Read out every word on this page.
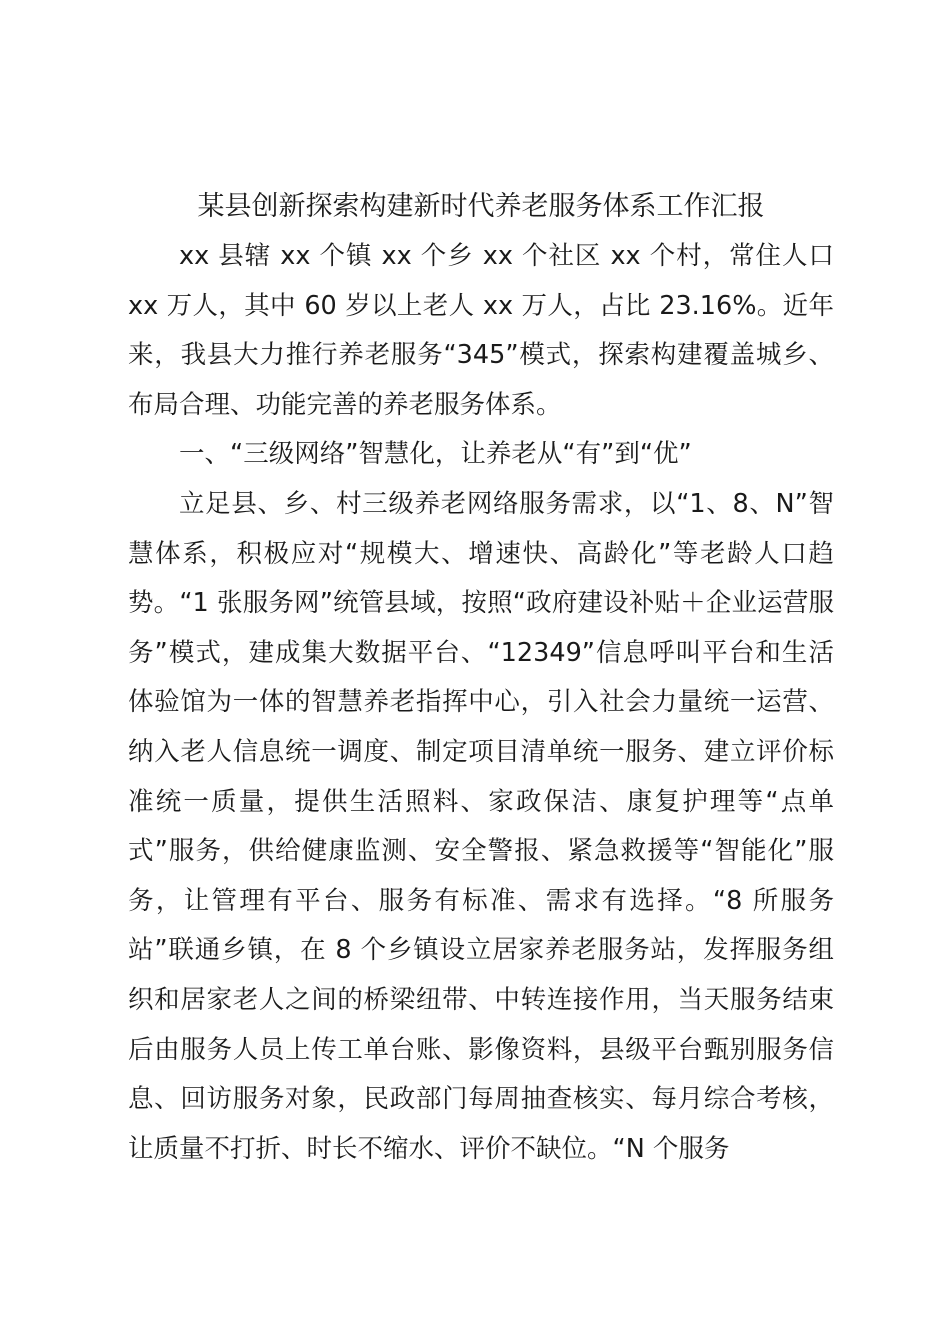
某县创新探索构建新时代养老服务体系工作汇报

xx 县辖 xx 个镇 xx 个乡 xx 个社区 xx 个村，常住人口 xx 万人，其中 60 岁以上老人 xx 万人，占比 23.16%。近年来，我县大力推行养老服务“345”模式，探索构建覆盖城乡、布局合理、功能完善的养老服务体系。

一、“三级网络”智慧化，让养老从“有”到“优”

立足县、乡、村三级养老网络服务需求，以“1、8、N”智慧体系，积极应对“规模大、增速快、高龄化”等老龄人口趋势。“1 张服务网”统管县域，按照“政府建设补贴＋企业运营服务”模式，建成集大数据平台、“12349”信息呼叫平台和生活体验馆为一体的智慧养老指挥中心，引入社会力量统一运营、纳入老人信息统一调度、制定项目清单统一服务、建立评价标准统一质量，提供生活照料、家政保洁、康复护理等“点单式”服务，供给健康监测、安全警报、紧急救援等“智能化”服务，让管理有平台、服务有标准、需求有选择。“8 所服务站”联通乡镇，在 8 个乡镇设立居家养老服务站，发挥服务组织和居家老人之间的桥梁纽带、中转连接作用，当天服务结束后由服务人员上传工单台账、影像资料，县级平台甄别服务信息、回访服务对象，民政部门每周抽查核实、每月综合考核，让质量不打折、时长不缩水、评价不缺位。“N 个服务
